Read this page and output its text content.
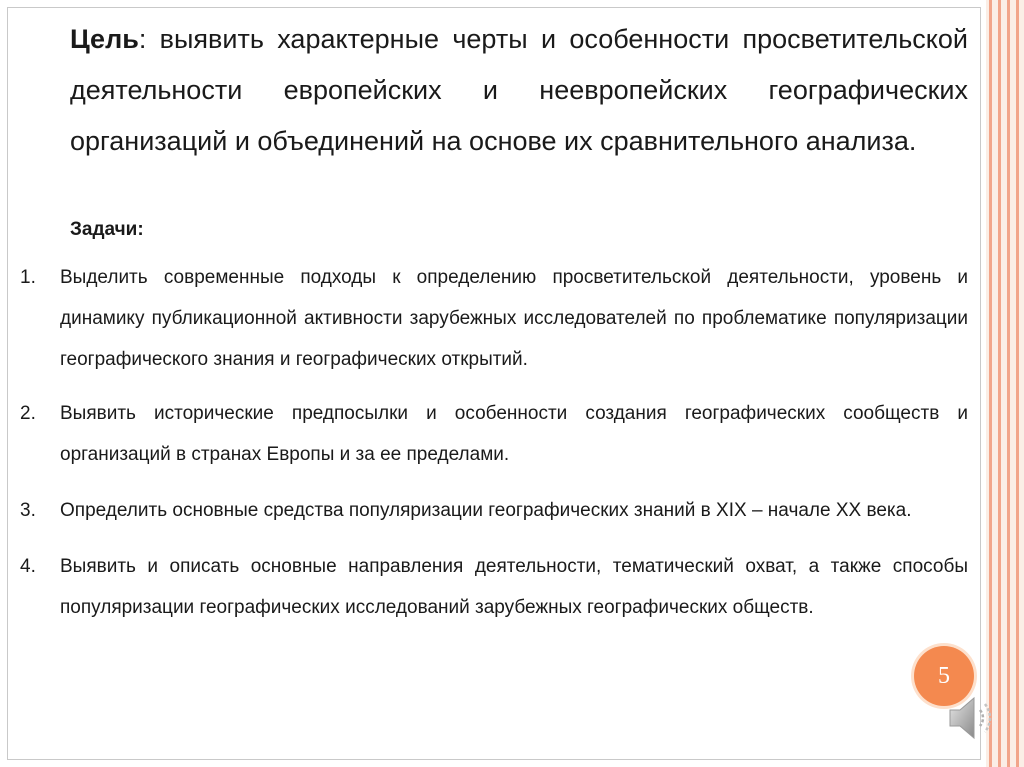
Цель: выявить характерные черты и особенности просветительской деятельности европейских и неевропейских географических организаций и объединений на основе их сравнительного анализа.
Задачи:
1. Выделить современные подходы к определению просветительской деятельности, уровень и динамику публикационной активности зарубежных исследователей по проблематике популяризации географического знания и географических открытий.
2. Выявить исторические предпосылки и особенности создания географических сообществ и организаций в странах Европы и за ее пределами.
3. Определить основные средства популяризации географических знаний в XIX – начале XX века.
4. Выявить и описать основные направления деятельности, тематический охват, а также способы популяризации географических исследований зарубежных географических обществ.
5
